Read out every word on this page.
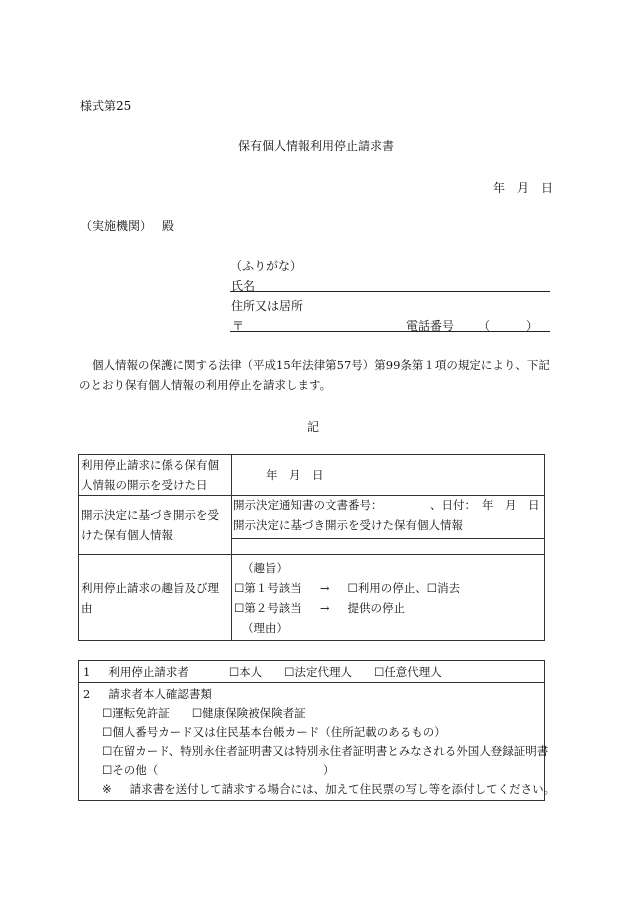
様式第25
保有個人情報利用停止請求書
年　月　日
（実施機関） 殿
（ふりがな）
氏名
住所又は居所
〒	電話番号 （　　　）
個人情報の保護に関する法律（平成15年法律第57号）第99条第１項の規定により、下記
のとおり保有個人情報の利用停止を請求します。
記
利用停止請求に係る保有個
人情報の開示を受けた日	年　月　日

開示決定に基づき開示を受
けた保有個人情報	開示決定通知書の文書番号： 、日付： 年　月　日
開示決定に基づき開示を受けた保有個人情報

利用停止請求の趣旨及び理
由	（趣旨）
☐第１号該当 → ☐利用の停止、☐消去
☐第２号該当 → 提供の停止
（理由）
1 利用停止請求者	☐本人 ☐法定代理人 ☐任意代理人
2 請求者本人確認書類
☐運転免許証 ☐健康保険被保険者証
☐個人番号カード又は住民基本台帳カード（住所記載のあるもの）
☐在留カード、特別永住者証明書又は特別永住者証明書とみなされる外国人登録証明書
☐その他（	）
※ 請求書を送付して請求する場合には、加えて住民票の写し等を添付してください。
